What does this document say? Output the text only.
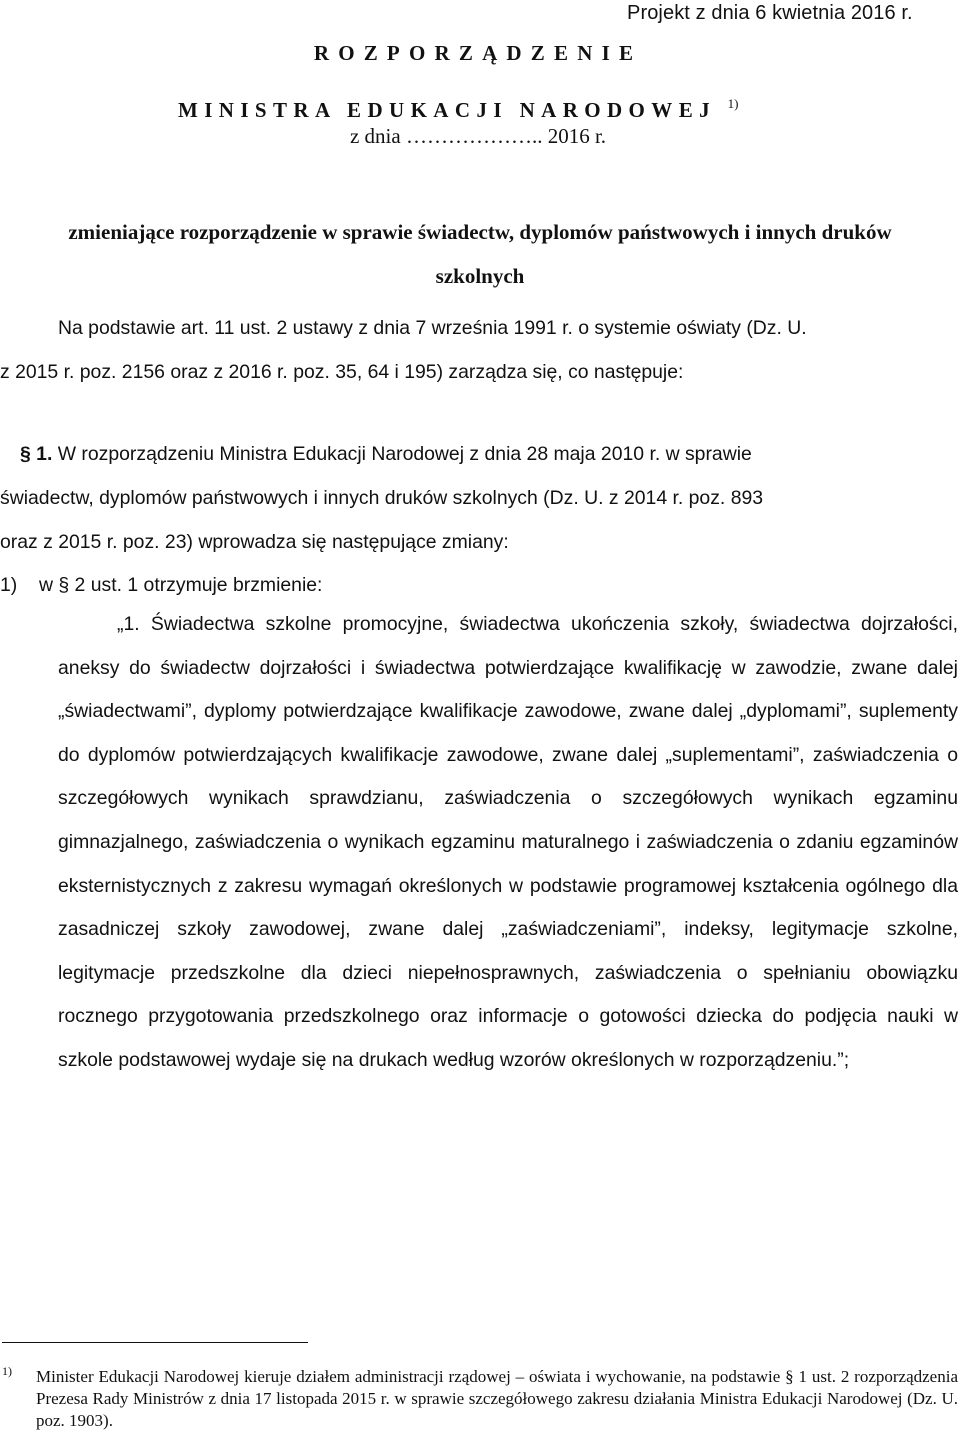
Projekt z dnia 6 kwietnia 2016 r.
ROZPORZĄDZENIE
MINISTRA EDUKACJI NARODOWEJ $^{1)}$
z dnia ……………….. 2016 r.
zmieniające rozporządzenie w sprawie świadectw, dyplomów państwowych i innych druków szkolnych
Na podstawie art. 11 ust. 2 ustawy z dnia 7 września 1991 r. o systemie oświaty (Dz. U.
z 2015 r. poz. 2156 oraz z 2016 r. poz. 35, 64 i 195) zarządza się, co następuje:
§ 1. W rozporządzeniu Ministra Edukacji Narodowej z dnia 28 maja 2010 r. w sprawie
świadectw, dyplomów państwowych i innych druków szkolnych (Dz. U. z 2014 r. poz. 893
oraz z 2015 r. poz. 23) wprowadza się następujące zmiany:
1) w § 2 ust. 1 otrzymuje brzmienie:
„1. Świadectwa szkolne promocyjne, świadectwa ukończenia szkoły, świadectwa dojrzałości, aneksy do świadectw dojrzałości i świadectwa potwierdzające kwalifikację w zawodzie, zwane dalej „świadectwami”, dyplomy potwierdzające kwalifikacje zawodowe, zwane dalej „dyplomami”, suplementy do dyplomów potwierdzających kwalifikacje zawodowe, zwane dalej „suplementami”, zaświadczenia o szczegółowych wynikach sprawdzianu, zaświadczenia o szczegółowych wynikach egzaminu gimnazjalnego, zaświadczenia o wynikach egzaminu maturalnego i zaświadczenia o zdaniu egzaminów eksternistycznych z zakresu wymagań określonych w podstawie programowej kształcenia ogólnego dla zasadniczej szkoły zawodowej, zwane dalej „zaświadczeniami”, indeksy, legitymacje szkolne, legitymacje przedszkolne dla dzieci niepełnosprawnych, zaświadczenia o spełnianiu obowiązku rocznego przygotowania przedszkolnego oraz informacje o gotowości dziecka do podjęcia nauki w szkole podstawowej wydaje się na drukach według wzorów określonych w rozporządzeniu.”;
1) Minister Edukacji Narodowej kieruje działem administracji rządowej – oświata i wychowanie, na podstawie § 1 ust. 2 rozporządzenia Prezesa Rady Ministrów z dnia 17 listopada 2015 r. w sprawie szczegółowego zakresu działania Ministra Edukacji Narodowej (Dz. U. poz. 1903).
